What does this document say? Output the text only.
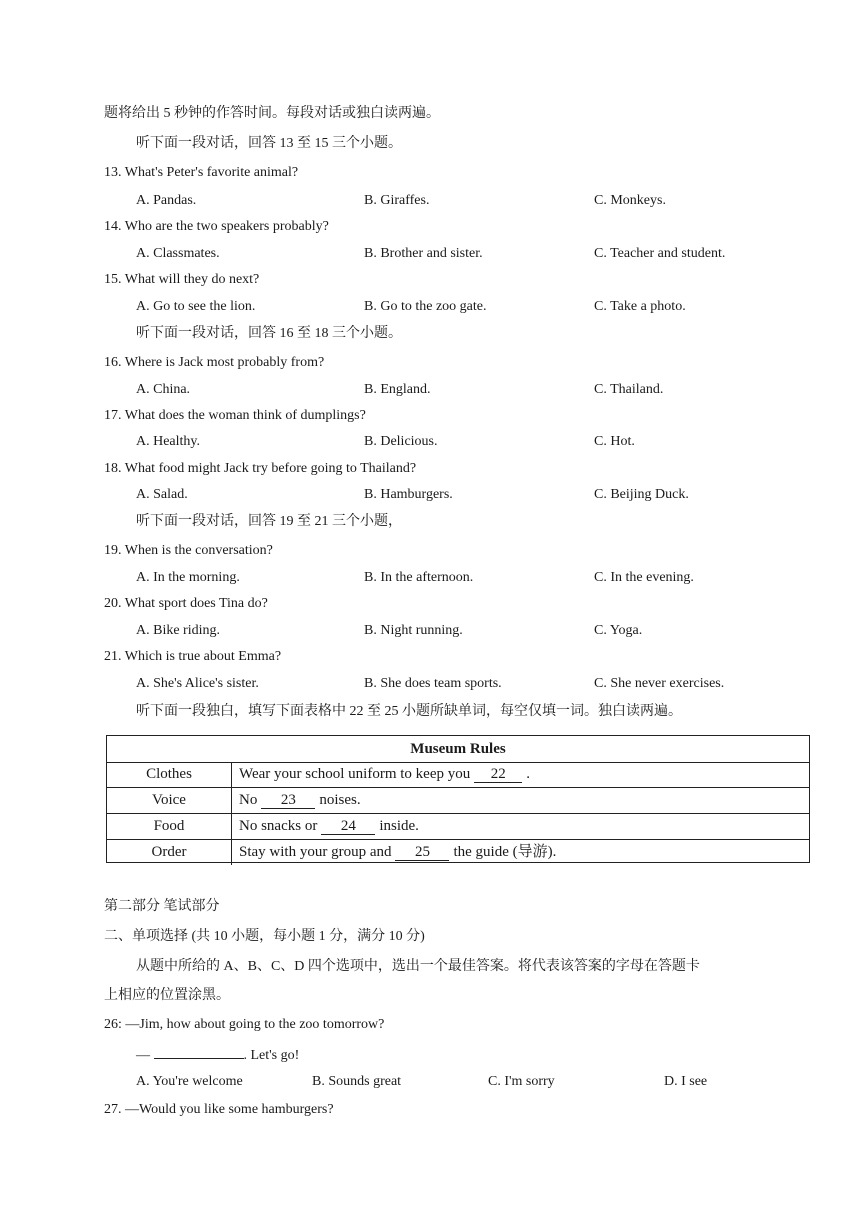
题将给出 5 秒钟的作答时间。每段对话或独白读两遍。
听下面一段对话，回答 13 至 15 三个小题。
13. What's Peter's favorite animal?
A. Pandas.	B. Giraffes.	C. Monkeys.
14. Who are the two speakers probably?
A. Classmates.	B. Brother and sister.	C. Teacher and student.
15. What will they do next?
A. Go to see the lion.	B. Go to the zoo gate.	C. Take a photo.
听下面一段对话，回答 16 至 18 三个小题。
16. Where is Jack most probably from?
A. China.	B. England.	C. Thailand.
17. What does the woman think of dumplings?
A. Healthy.	B. Delicious.	C. Hot.
18. What food might Jack try before going to Thailand?
A. Salad.	B. Hamburgers.	C. Beijing Duck.
听下面一段对话，回答 19 至 21 三个小题，
19. When is the conversation?
A. In the morning.	B. In the afternoon.	C. In the evening.
20. What sport does Tina do?
A. Bike riding.	B. Night running.	C. Yoga.
21. Which is true about Emma?
A. She's Alice's sister.	B. She does team sports.	C. She never exercises.
听下面一段独白，填写下面表格中 22 至 25 小题所缺单词，每空仅填一词。独白读两遍。
Museum Rules
Clothes	Wear your school uniform to keep you 22 .
Voice	No 23 noises.
Food	No snacks or 24 inside.
Order	Stay with your group and 25 the guide (导游).
第二部分 笔试部分
二、单项选择 (共 10 小题，每小题 1 分，满分 10 分)
从题中所给的 A、B、C、D 四个选项中，选出一个最佳答案。将代表该答案的字母在答题卡
上相应的位置涂黑。
26: —Jim, how about going to the zoo tomorrow?
—	. Let's go!
A. You're welcome	B. Sounds great	C. I'm sorry	D. I see
27. —Would you like some hamburgers?
